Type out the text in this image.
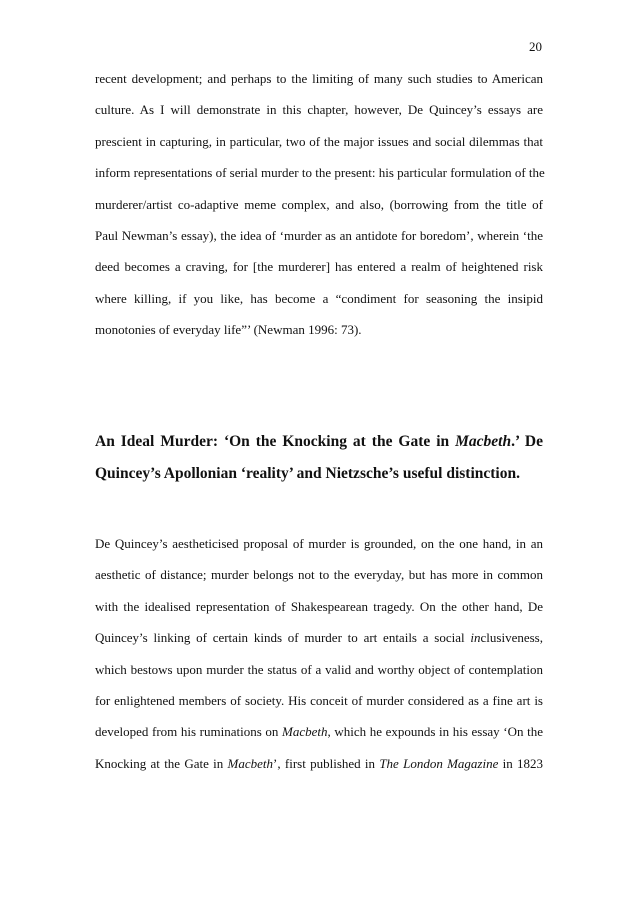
20
recent development; and perhaps to the limiting of many such studies to American
culture. As I will demonstrate in this chapter, however, De Quincey’s essays are
prescient in capturing, in particular, two of the major issues and social dilemmas that
inform representations of serial murder to the present: his particular formulation of the
murderer/artist co-adaptive meme complex, and also, (borrowing from the title of
Paul Newman’s essay), the idea of ‘murder as an antidote for boredom’, wherein ‘the
deed becomes a craving, for [the murderer] has entered a realm of heightened risk
where killing, if you like, has become a “condiment for seasoning the insipid
monotonies of everyday life”’ (Newman 1996: 73).
An Ideal Murder: ‘On the Knocking at the Gate in Macbeth.’ De
Quincey’s Apollonian ‘reality’ and Nietzsche’s useful distinction.
De Quincey’s aestheticised proposal of murder is grounded, on the one hand, in an
aesthetic of distance; murder belongs not to the everyday, but has more in common
with the idealised representation of Shakespearean tragedy. On the other hand, De
Quincey’s linking of certain kinds of murder to art entails a social inclusiveness,
which bestows upon murder the status of a valid and worthy object of contemplation
for enlightened members of society. His conceit of murder considered as a fine art is
developed from his ruminations on Macbeth, which he expounds in his essay ‘On the
Knocking at the Gate in Macbeth’, first published in The London Magazine in 1823
